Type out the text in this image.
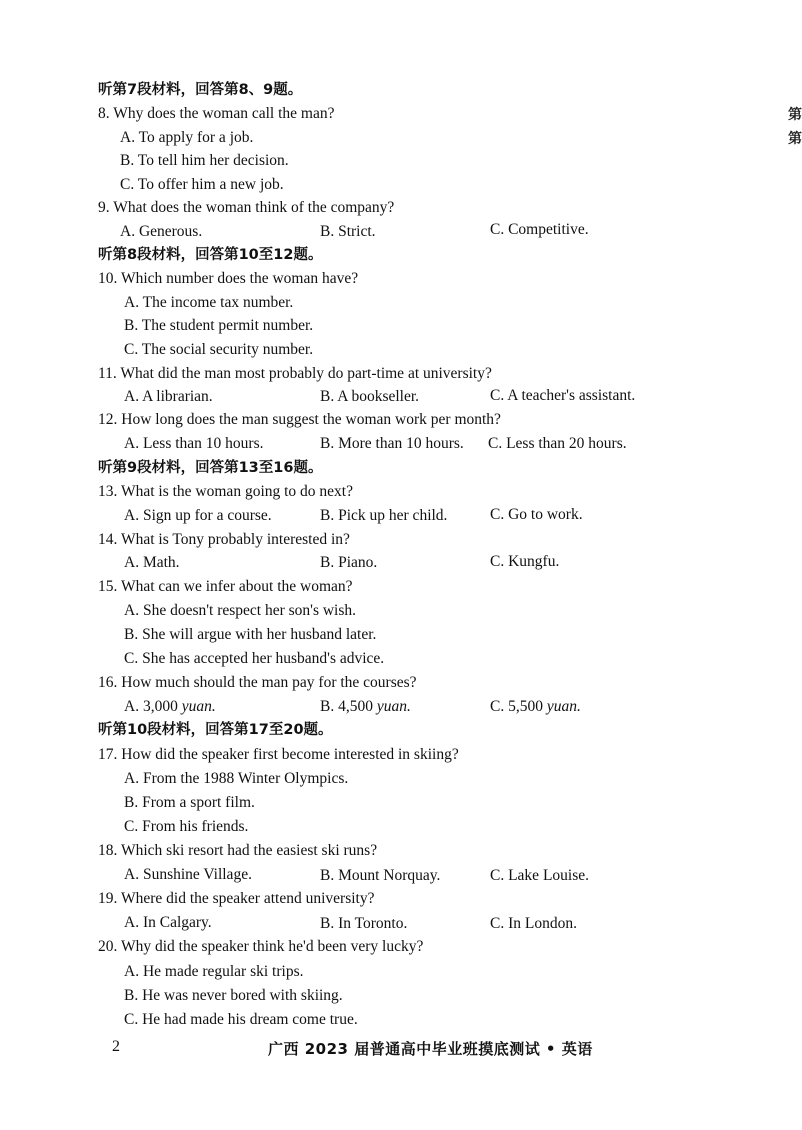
第
第
听第7段材料，回答第8、9题。
8. Why does the woman call the man?
A. To apply for a job.
B. To tell him her decision.
C. To offer him a new job.
9. What does the woman think of the company?
A. Generous.	B. Strict.	C. Competitive.
听第8段材料，回答第10至12题。
10. Which number does the woman have?
A. The income tax number.
B. The student permit number.
C. The social security number.
11. What did the man most probably do part-time at university?
A. A librarian.	B. A bookseller.	C. A teacher's assistant.
12. How long does the man suggest the woman work per month?
A. Less than 10 hours.	B. More than 10 hours. C. Less than 20 hours.
听第9段材料，回答第13至16题。
13. What is the woman going to do next?
A. Sign up for a course.	B. Pick up her child.	C. Go to work.
14. What is Tony probably interested in?
A. Math.	B. Piano.	C. Kungfu.
15. What can we infer about the woman?
A. She doesn't respect her son's wish.
B. She will argue with her husband later.
C. She has accepted her husband's advice.
16. How much should the man pay for the courses?
A. 3,000 yuan.	B. 4,500 yuan.	C. 5,500 yuan.
听第10段材料，回答第17至20题。
17. How did the speaker first become interested in skiing?
A. From the 1988 Winter Olympics.
B. From a sport film.
C. From his friends.
18. Which ski resort had the easiest ski runs?
A. Sunshine Village.	B. Mount Norquay.	C. Lake Louise.
19. Where did the speaker attend university?
A. In Calgary.	B. In Toronto.	C. In London.
20. Why did the speaker think he'd been very lucky?
A. He made regular ski trips.
B. He was never bored with skiing.
C. He had made his dream come true.
2	广西 2023 届普通高中毕业班摸底测试 • 英语
